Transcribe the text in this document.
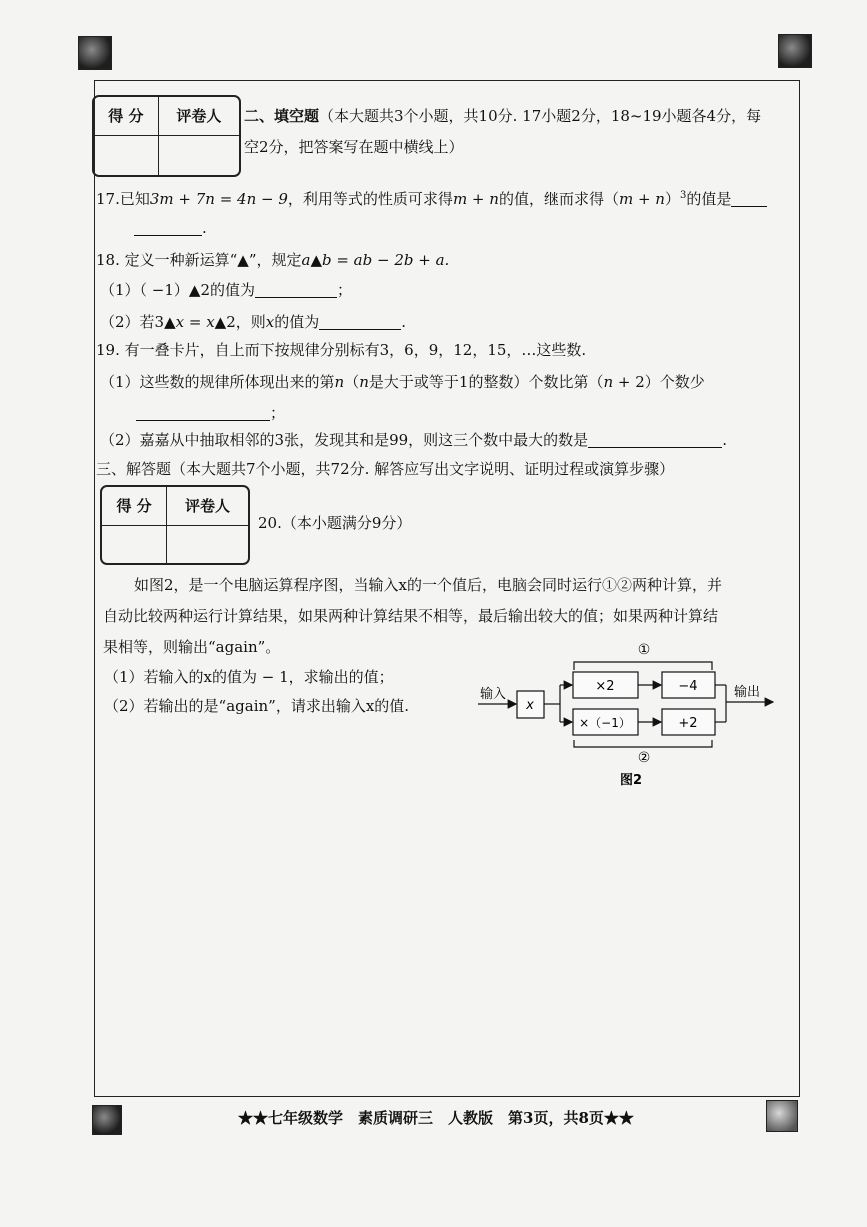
得 分	评卷人
	二、填空题（本大题共3个小题，共10分. 17小题2分，18~19小题各4分，每
空2分，把答案写在题中横线上）
17.已知3m + 7n = 4n − 9，利用等式的性质可求得m + n的值，继而求得$(m + n)^3$的值是
.
18. 定义一种新运算“▲”，规定a▲b = ab − 2b + a.
（1）（ −1）▲2的值为	；
（2）若3▲x = x▲2，则x的值为	.
19. 有一叠卡片，自上而下按规律分别标有3，6，9，12，15，…这些数.
（1）这些数的规律所体现出来的第n（n是大于或等于1的整数）个数比第（n + 2）个数少
；
（2）嘉嘉从中抽取相邻的3张，发现其和是99，则这三个数中最大的数是	.
三、解答题（本大题共7个小题，共72分. 解答应写出文字说明、证明过程或演算步骤）
得 分	评卷人

20.（本小题满分9分）
如图2，是一个电脑运算程序图，当输入x的一个值后，电脑会同时运行①②两种计算，并
自动比较两种运行计算结果，如果两种计算结果不相等，最后输出较大的值；如果两种计算结
果相等，则输出“again”。
（1）若输入的x的值为 − 1，求输出的值；
（2）若输出的是“again”，请求出输入x的值.
①
输入
x
×2	−4
×（−1）	+2
输出
②
图2
★★七年级数学　素质调研三　人教版　第3页，共8页★★
